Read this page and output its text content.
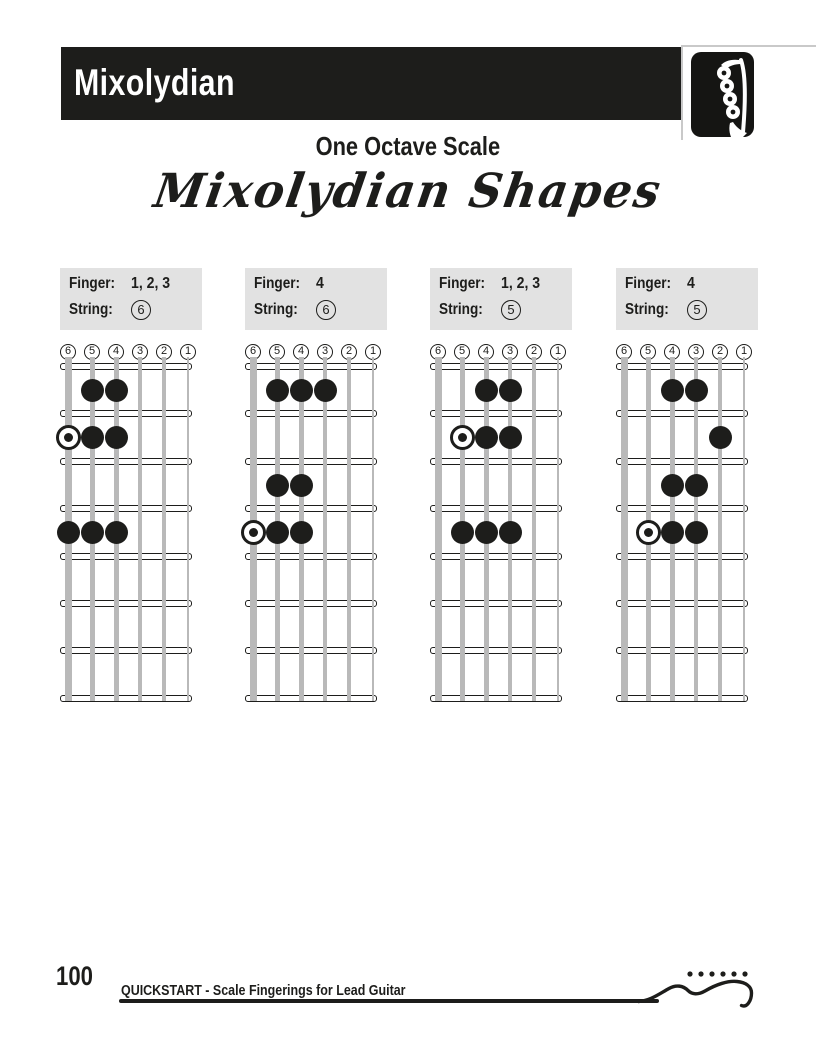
Mixolydian
One Octave Scale
Mixolydian Shapes
Finger: 1, 2, 3
String: 6
6	5	4	3	2	1
Finger: 4
String: 6
6	5	4	3	2	1
Finger: 1, 2, 3
String: 5
6	5	4	3	2	1
Finger: 4
String: 5
6	5	4	3	2	1
100	QUICKSTART - Scale Fingerings for Lead Guitar
